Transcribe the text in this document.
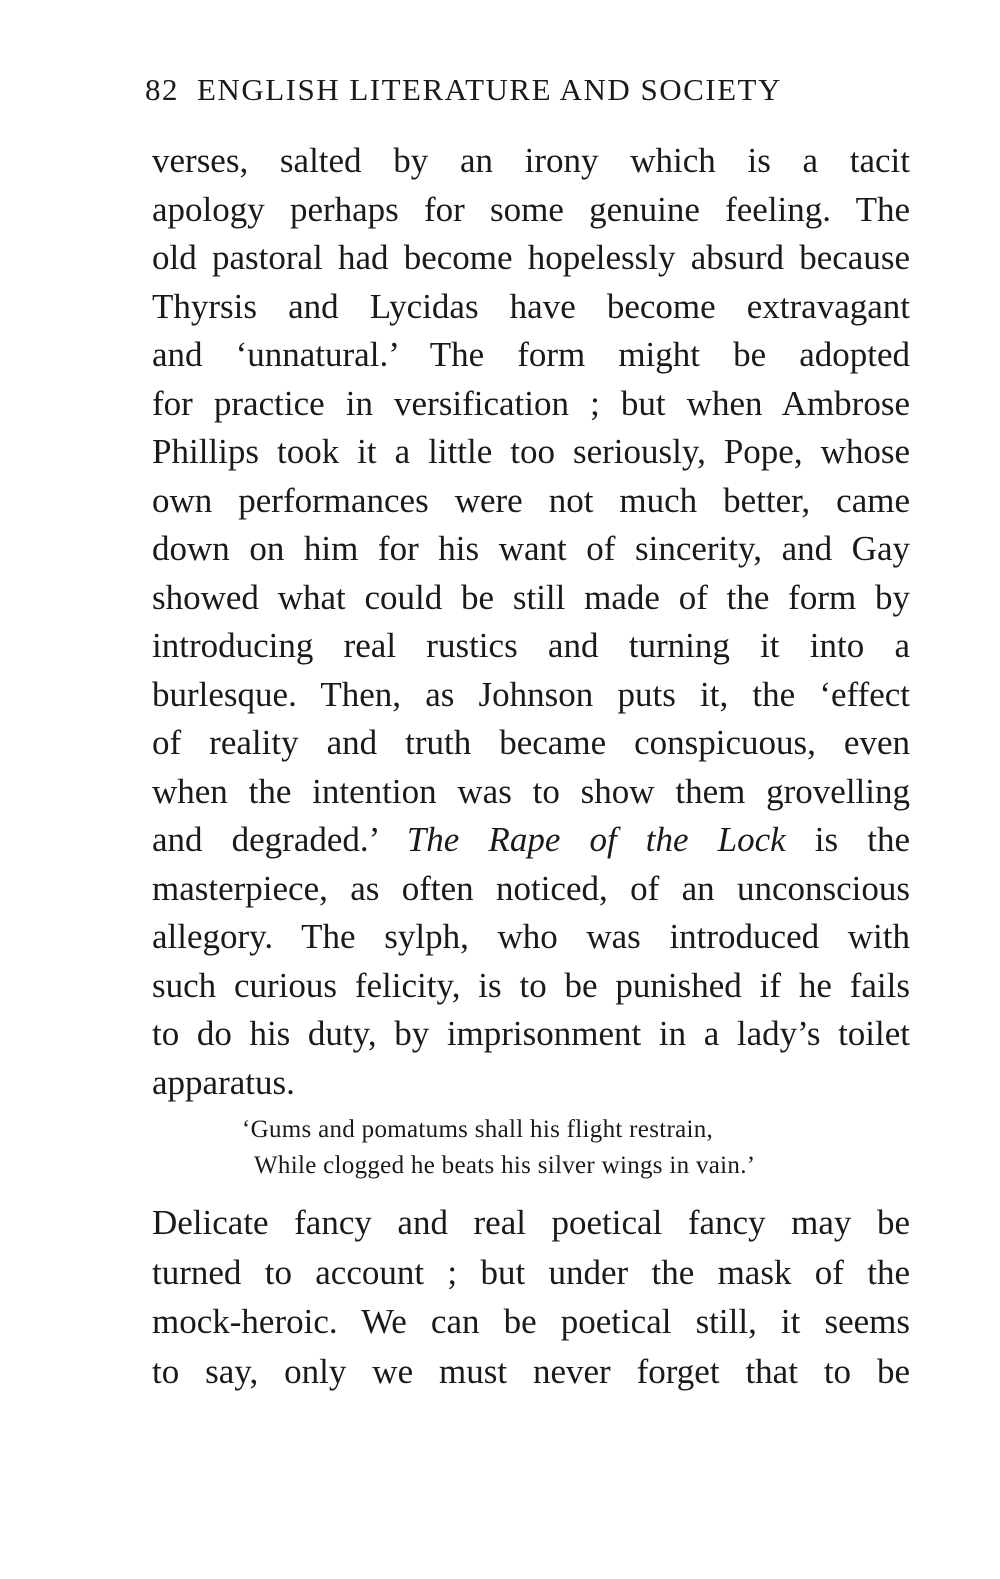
82 ENGLISH LITERATURE AND SOCIETY
verses, salted by an irony which is a tacit
apology perhaps for some genuine feeling. The
old pastoral had become hopelessly absurd because
Thyrsis and Lycidas have become extravagant
and ‘unnatural.’ The form might be adopted
for practice in versification ; but when Ambrose
Phillips took it a little too seriously, Pope, whose
own performances were not much better, came
down on him for his want of sincerity, and Gay
showed what could be still made of the form by
introducing real rustics and turning it into a
burlesque. Then, as Johnson puts it, the ‘effect
of reality and truth became conspicuous, even
when the intention was to show them grovelling
and degraded.’ The Rape of the Lock is the
masterpiece, as often noticed, of an unconscious
allegory. The sylph, who was introduced with
such curious felicity, is to be punished if he fails
to do his duty, by imprisonment in a lady’s toilet
apparatus.
‘Gums and pomatums shall his flight restrain,
While clogged he beats his silver wings in vain.’
Delicate fancy and real poetical fancy may be
turned to account ; but under the mask of the
mock-heroic. We can be poetical still, it seems
to say, only we must never forget that to be
